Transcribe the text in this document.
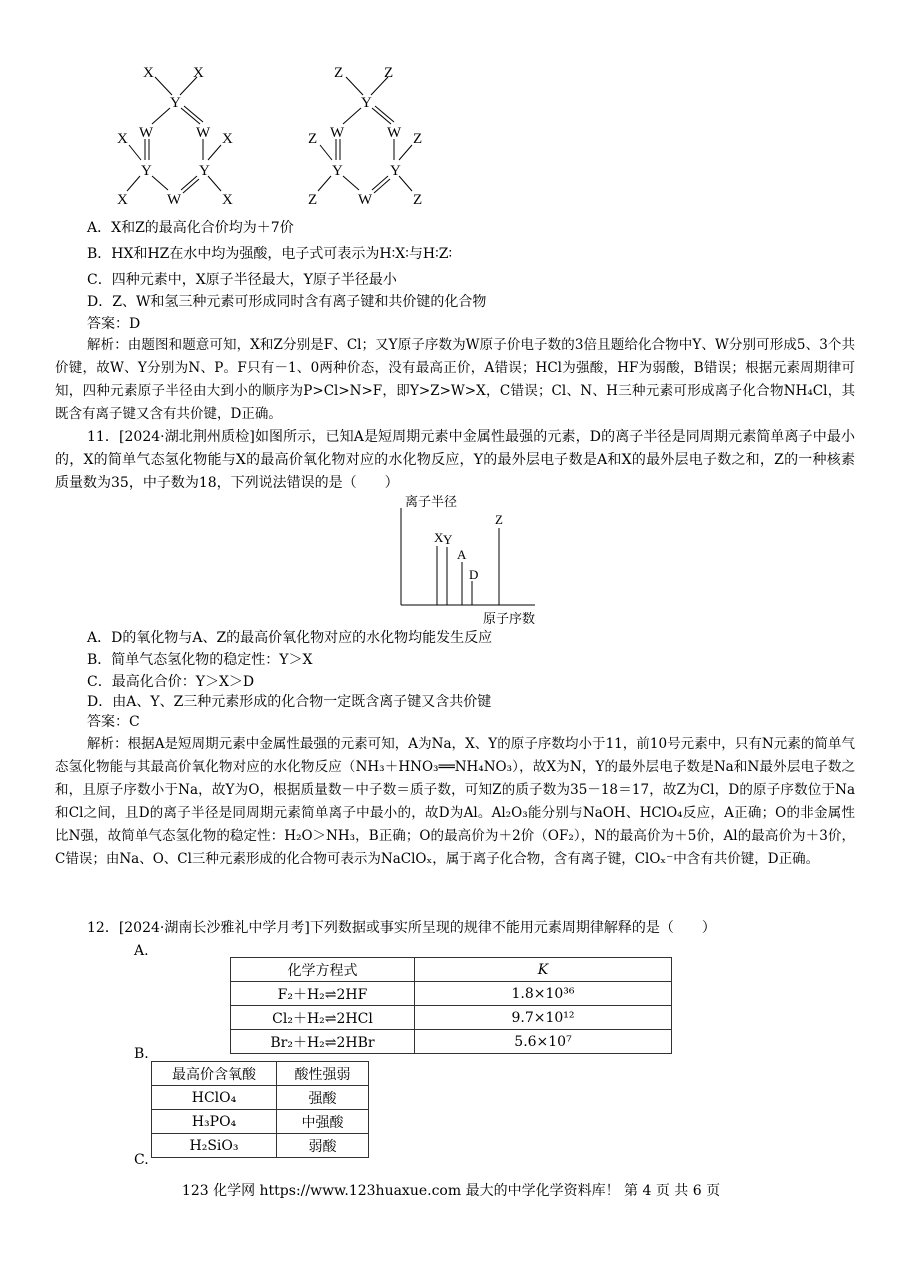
X	X
Y
W	W
X	X
Y	Y
X	W	X
Z	Z
Y
W	W
Z	Z
Y	Y
Z	W	Z
A．X和Z的最高化合价均为＋7价
B．HX和HZ在水中均为强酸，电子式可表示为H∶X∶与H∶Z∶
C．四种元素中，X原子半径最大，Y原子半径最小
D．Z、W和氢三种元素可形成同时含有离子键和共价键的化合物
答案：D
解析：由题图和题意可知，X和Z分别是F、Cl；又Y原子序数为W原子价电子数的3倍且题给化合物中Y、W分别可形成5、3个共价键，故W、Y分别为N、P。F只有－1、0两种价态，没有最高正价，A错误；HCl为强酸，HF为弱酸，B错误；根据元素周期律可知，四种元素原子半径由大到小的顺序为P>Cl>N>F，即Y>Z>W>X，C错误；Cl、N、H三种元素可形成离子化合物NH₄Cl，其既含有离子键又含有共价键，D正确。
11．[2024·湖北荆州质检]如图所示，已知A是短周期元素中金属性最强的元素，D的离子半径是同周期元素简单离子中最小的，X的简单气态氢化物能与X的最高价氧化物对应的水化物反应，Y的最外层电子数是A和X的最外层电子数之和，Z的一种核素质量数为35，中子数为18，下列说法错误的是（　　）
离子半径
原子序数
X Y
A
D
Z
A．D的氧化物与A、Z的最高价氧化物对应的水化物均能发生反应
B．简单气态氢化物的稳定性：Y＞X
C．最高化合价：Y＞X＞D
D．由A、Y、Z三种元素形成的化合物一定既含离子键又含共价键
答案：C
解析：根据A是短周期元素中金属性最强的元素可知，A为Na，X、Y的原子序数均小于11，前10号元素中，只有N元素的简单气态氢化物能与其最高价氧化物对应的水化物反应（NH₃＋HNO₃══NH₄NO₃），故X为N，Y的最外层电子数是Na和N最外层电子数之和，且原子序数小于Na，故Y为O，根据质量数－中子数＝质子数，可知Z的质子数为35－18＝17，故Z为Cl，D的原子序数位于Na和Cl之间，且D的离子半径是同周期元素简单离子中最小的，故D为Al。Al₂O₃能分别与NaOH、HClO₄反应，A正确；O的非金属性比N强，故简单气态氢化物的稳定性：H₂O＞NH₃，B正确；O的最高价为＋2价（OF₂），N的最高价为＋5价，Al的最高价为＋3价，C错误；由Na、O、Cl三种元素形成的化合物可表示为NaClOₓ，属于离子化合物，含有离子键，ClOₓ⁻中含有共价键，D正确。
12．[2024·湖南长沙雅礼中学月考]下列数据或事实所呈现的规律不能用元素周期律解释的是（　　）
A.
化学方程式	K
F₂＋H₂⇌2HF	1.8×10³⁶
Cl₂＋H₂⇌2HCl	9.7×10¹²
Br₂＋H₂⇌2HBr	5.6×10⁷
B.
最高价含氧酸	酸性强弱
HClO₄	强酸
H₃PO₄	中强酸
H₂SiO₃	弱酸
C.
123 化学网 https://www.123huaxue.com 最大的中学化学资料库！ 第 4 页 共 6 页
